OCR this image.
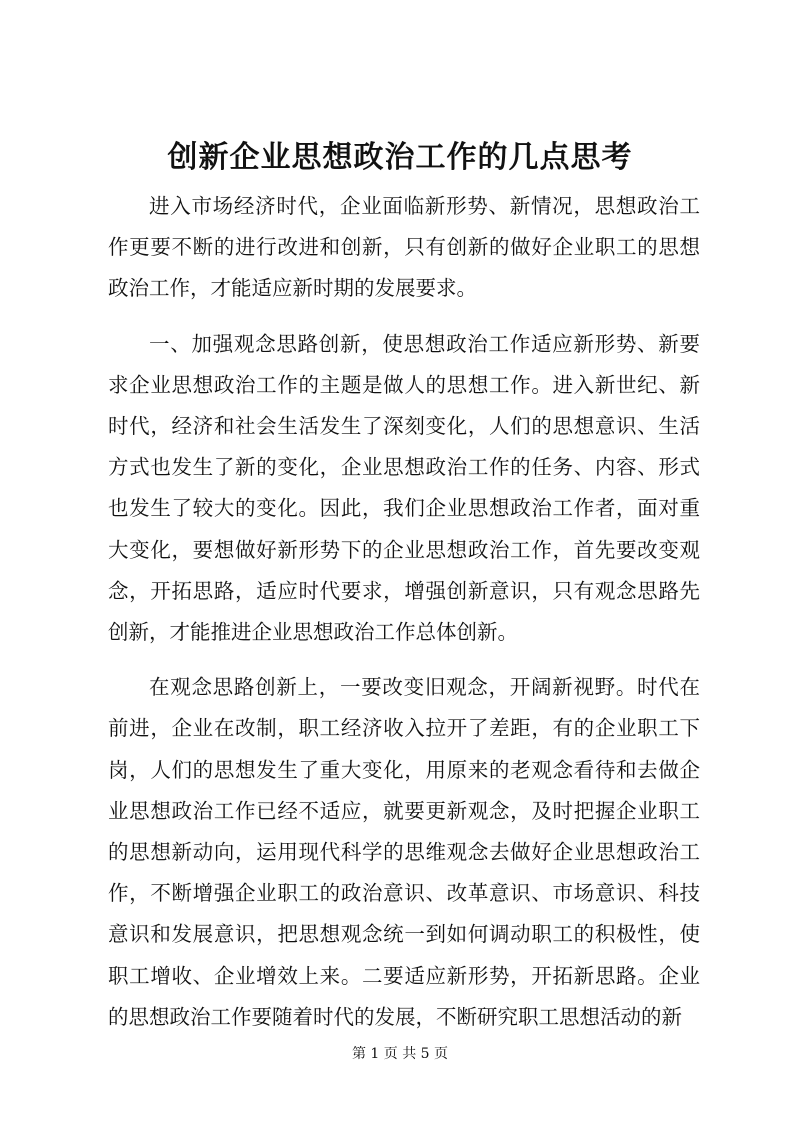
创新企业思想政治工作的几点思考

进入市场经济时代，企业面临新形势、新情况，思想政治工作更要不断的进行改进和创新，只有创新的做好企业职工的思想政治工作，才能适应新时期的发展要求。

一、加强观念思路创新，使思想政治工作适应新形势、新要求企业思想政治工作的主题是做人的思想工作。进入新世纪、新时代，经济和社会生活发生了深刻变化，人们的思想意识、生活方式也发生了新的变化，企业思想政治工作的任务、内容、形式也发生了较大的变化。因此，我们企业思想政治工作者，面对重大变化，要想做好新形势下的企业思想政治工作，首先要改变观念，开拓思路，适应时代要求，增强创新意识，只有观念思路先创新，才能推进企业思想政治工作总体创新。

在观念思路创新上，一要改变旧观念，开阔新视野。时代在前进，企业在改制，职工经济收入拉开了差距，有的企业职工下岗，人们的思想发生了重大变化，用原来的老观念看待和去做企业思想政治工作已经不适应，就要更新观念，及时把握企业职工的思想新动向，运用现代科学的思维观念去做好企业思想政治工作，不断增强企业职工的政治意识、改革意识、市场意识、科技意识和发展意识，把思想观念统一到如何调动职工的积极性，使职工增收、企业增效上来。二要适应新形势，开拓新思路。企业的思想政治工作要随着时代的发展，不断研究职工思想活动的新

第 1 页 共 5 页
